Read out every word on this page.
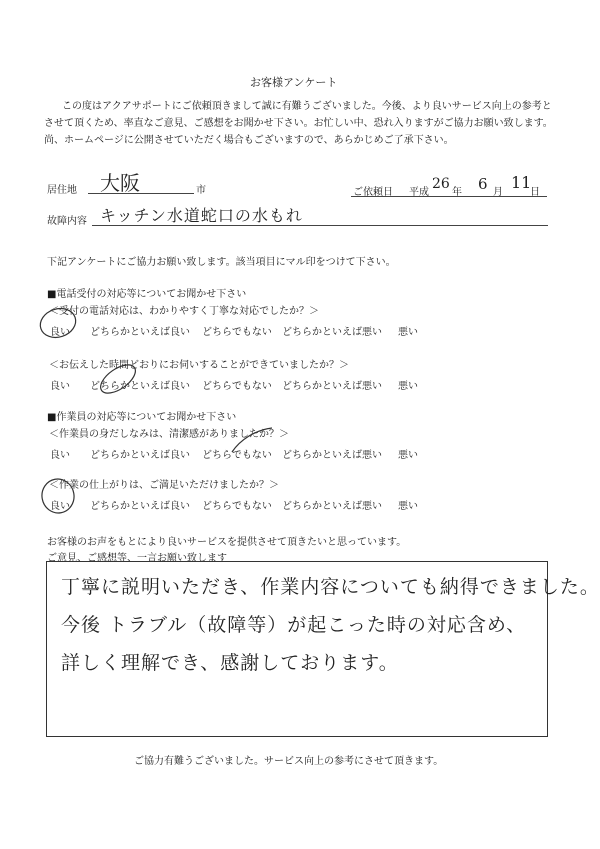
お客様アンケート
この度はアクアサポートにご依頼頂きまして誠に有難うございました。今後、より良いサービス向上の参考と
させて頂くため、率直なご意見、ご感想をお聞かせ下さい。お忙しい中、恐れ入りますがご協力お願い致します。
尚、ホームページに公開させていただく場合もございますので、あらかじめご了承下さい。
居住地 大阪	市	ご依頼日 平成
26
年 6 月
11
日
故障内容 キッチン水道蛇口の水もれ
下記アンケートにご協力お願い致します。該当項目にマル印をつけて下さい。
■電話受付の対応等についてお聞かせ下さい
＜受付の電話対応は、わかりやすく丁寧な対応でしたか？＞
良い どちらかといえば良い どちらでもない どちらかといえば悪い 悪い
＜お伝えした時間どおりにお伺いすることができていましたか？＞
良い どちらかといえば良い どちらでもない どちらかといえば悪い 悪い
■作業員の対応等についてお聞かせ下さい
＜作業員の身だしなみは、清潔感がありましたか？＞
良い どちらかといえば良い どちらでもない どちらかといえば悪い 悪い
＜作業の仕上がりは、ご満足いただけましたか？＞
良い どちらかといえば良い どちらでもない どちらかといえば悪い 悪い
お客様のお声をもとにより良いサービスを提供させて頂きたいと思っています。
ご意見、ご感想等、一言お願い致します
丁寧に説明いただき、作業内容についても納得できました。
今後 トラブル（故障等）が起こった時の対応含め、
詳しく理解でき、感謝しております。
ご協力有難うございました。サービス向上の参考にさせて頂きます。
